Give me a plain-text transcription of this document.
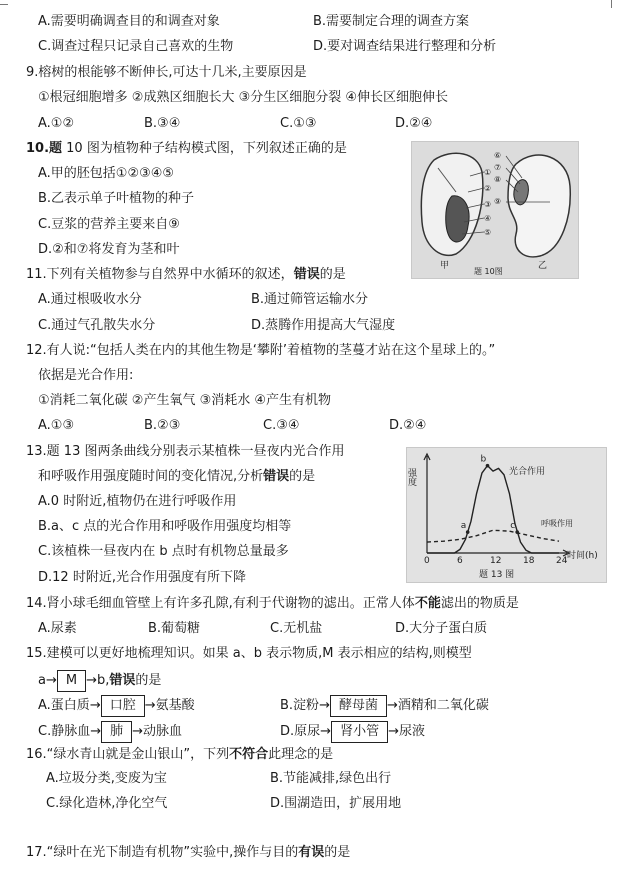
A.需要明确调查目的和调查对象	B.需要制定合理的调查方案
C.调查过程只记录自己喜欢的生物	D.要对调查结果进行整理和分析
9.榕树的根能够不断伸长,可达十几米,主要原因是
①根冠细胞增多 ②成熟区细胞长大 ③分生区细胞分裂 ④伸长区细胞伸长
A.①②	B.③④	C.①③	D.②④
10.题 10 图为植物种子结构模式图，下列叙述正确的是
A.甲的胚包括①②③④⑤
B.乙表示单子叶植物的种子
C.豆浆的营养主要来自⑨
D.②和⑦将发育为茎和叶
①
②
③
④
⑤
⑥
⑦
⑧
⑨
甲	乙
题 10图
11.下列有关植物参与自然界中水循环的叙述，错误的是
A.通过根吸收水分	B.通过筛管运输水分
C.通过气孔散失水分	D.蒸腾作用提高大气湿度
12.有人说:“包括人类在内的其他生物是‘攀附’着植物的茎蔓才站在这个星球上的。”
依据是光合作用:
①消耗二氧化碳 ②产生氧气 ③消耗水 ④产生有机物
A.①③	B.②③	C.③④	D.②④
13.题 13 图两条曲线分别表示某植株一昼夜内光合作用
和呼吸作用强度随时间的变化情况,分析错误的是
A.0 时附近,植物仍在进行呼吸作用
B.a、c 点的光合作用和呼吸作用强度均相等
C.该植株一昼夜内在 b 点时有机物总量最多
D.12 时附近,光合作用强度有所下降
0	6	12 18 24
a
b
c
强度
时间(h)
光合作用
呼吸作用
题 13 图
14.肾小球毛细血管壁上有许多孔隙,有利于代谢物的滤出。正常人体不能滤出的物质是
A.尿素	B.葡萄糖	C.无机盐	D.大分子蛋白质
15.建模可以更好地梳理知识。如果 a、b 表示物质,M 表示相应的结构,则模型
a→ M →b,错误的是
A.蛋白质→ 口腔 →氨基酸	B.淀粉→ 酵母菌 →酒精和二氧化碳
C.静脉血→ 肺 →动脉血	D.原尿→ 肾小管 →尿液
16.“绿水青山就是金山银山”，下列不符合此理念的是
A.垃圾分类,变废为宝	B.节能减排,绿色出行
C.绿化造林,净化空气	D.围湖造田，扩展用地
17.“绿叶在光下制造有机物”实验中,操作与目的有误的是
